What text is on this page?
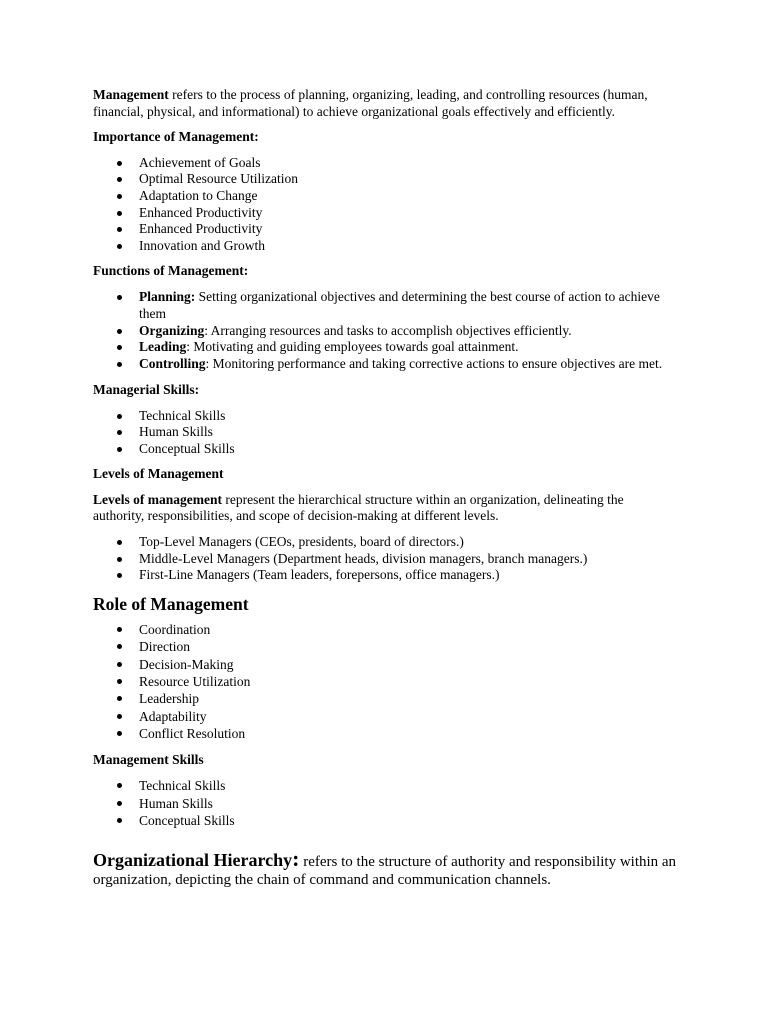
Management refers to the process of planning, organizing, leading, and controlling resources (human, financial, physical, and informational) to achieve organizational goals effectively and efficiently.

Importance of Management:

Achievement of Goals
Optimal Resource Utilization
Adaptation to Change
Enhanced Productivity
Enhanced Productivity
Innovation and Growth

Functions of Management:

Planning: Setting organizational objectives and determining the best course of action to achieve them
Organizing: Arranging resources and tasks to accomplish objectives efficiently.
Leading: Motivating and guiding employees towards goal attainment.
Controlling: Monitoring performance and taking corrective actions to ensure objectives are met.

Managerial Skills:

Technical Skills
Human Skills
Conceptual Skills

Levels of Management

Levels of management represent the hierarchical structure within an organization, delineating the authority, responsibilities, and scope of decision-making at different levels.

Top-Level Managers (CEOs, presidents, board of directors.)
Middle-Level Managers (Department heads, division managers, branch managers.)
First-Line Managers (Team leaders, forepersons, office managers.)

Role of Management

Coordination
Direction
Decision-Making
Resource Utilization
Leadership
Adaptability
Conflict Resolution

Management Skills

Technical Skills
Human Skills
Conceptual Skills

Organizational Hierarchy: refers to the structure of authority and responsibility within an organization, depicting the chain of command and communication channels.
